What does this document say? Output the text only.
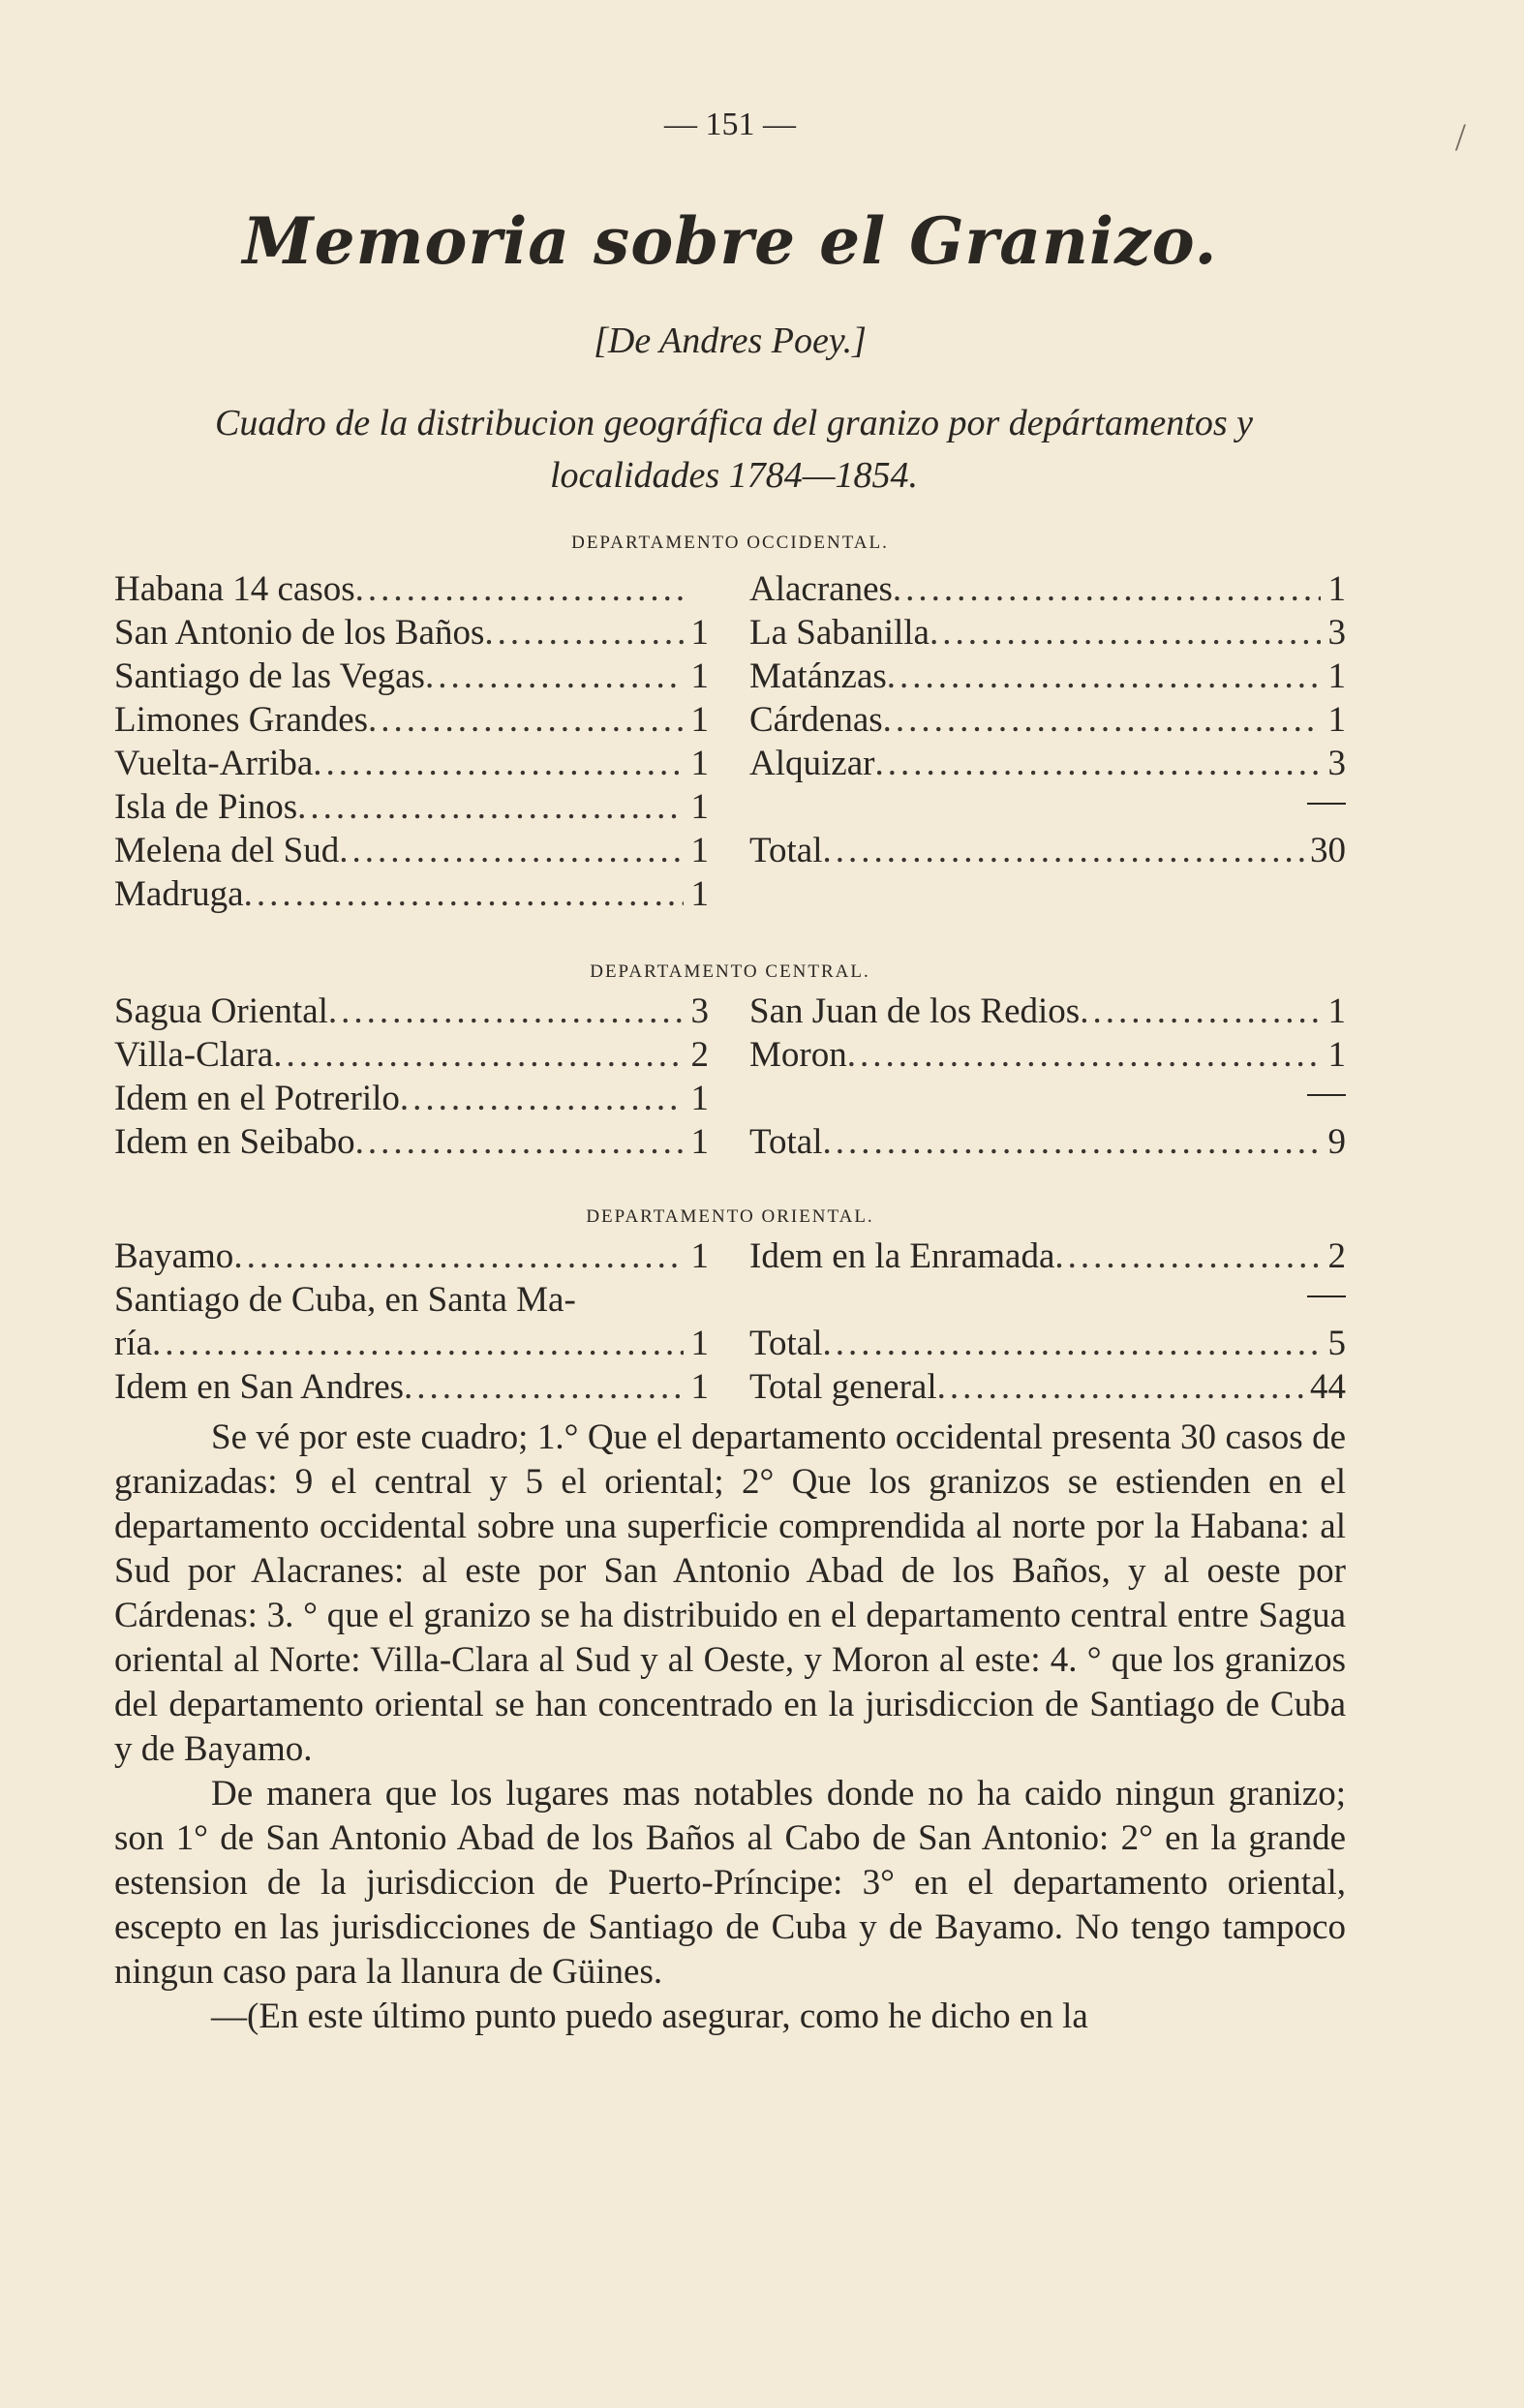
/
— 151 —
Memoria sobre el Granizo.
[De Andres Poey.]
Cuadro de la distribucion geográfica del granizo por depártamentos y localidades 1784—1854.
DEPARTAMENTO OCCIDENTAL.
Habana 14 casos
.....
San Antonio de los Baños .....	1
Santiago de las Vegas .....	1
Limones Grandes .....	1
Vuelta-Arriba .....	1
Isla de Pinos .....	1
Melena del Sud .....	1
Madruga .....	1
Alacranes .....	1
La Sabanilla .....	3
Matánzas .....	1
Cárdenas .....	1
Alquizar .....	3
Total .....	30
DEPARTAMENTO CENTRAL.
Sagua Oriental .....	3
Villa-Clara .....	2
Idem en el Potrerilo .....	1
Idem en Seibabo .....	1
San Juan de los Redios .....	1
Moron .....	1
Total .....	9
DEPARTAMENTO ORIENTAL.
Bayamo .....	1
Santiago de Cuba, en Santa Ma-
ría .....	1
Idem en San Andres .....	1
Idem en la Enramada .....	2
Total .....	5
Total general .....	44

Se vé por este cuadro; 1.° Que el departamento occidental presenta 30 casos de granizadas: 9 el central y 5 el oriental; 2° Que los granizos se estienden en el departamento occidental sobre una superficie comprendida al norte por la Habana: al Sud por Alacranes: al este por San Antonio Abad de los Baños, y al oeste por Cárdenas: 3. ° que el granizo se ha distribuido en el departamento central entre Sagua oriental al Norte: Villa-Clara al Sud y al Oeste, y Moron al este: 4. ° que los granizos del departamento oriental se han concentrado en la jurisdiccion de Santiago de Cuba y de Bayamo.

De manera que los lugares mas notables donde no ha caido ningun granizo; son 1° de San Antonio Abad de los Baños al Cabo de San Antonio: 2° en la grande estension de la jurisdiccion de Puerto-Príncipe: 3° en el departamento oriental, escepto en las jurisdicciones de Santiago de Cuba y de Bayamo. No tengo tampoco ningun caso para la llanura de Güines.

—(En este último punto puedo asegurar, como he dicho en la
